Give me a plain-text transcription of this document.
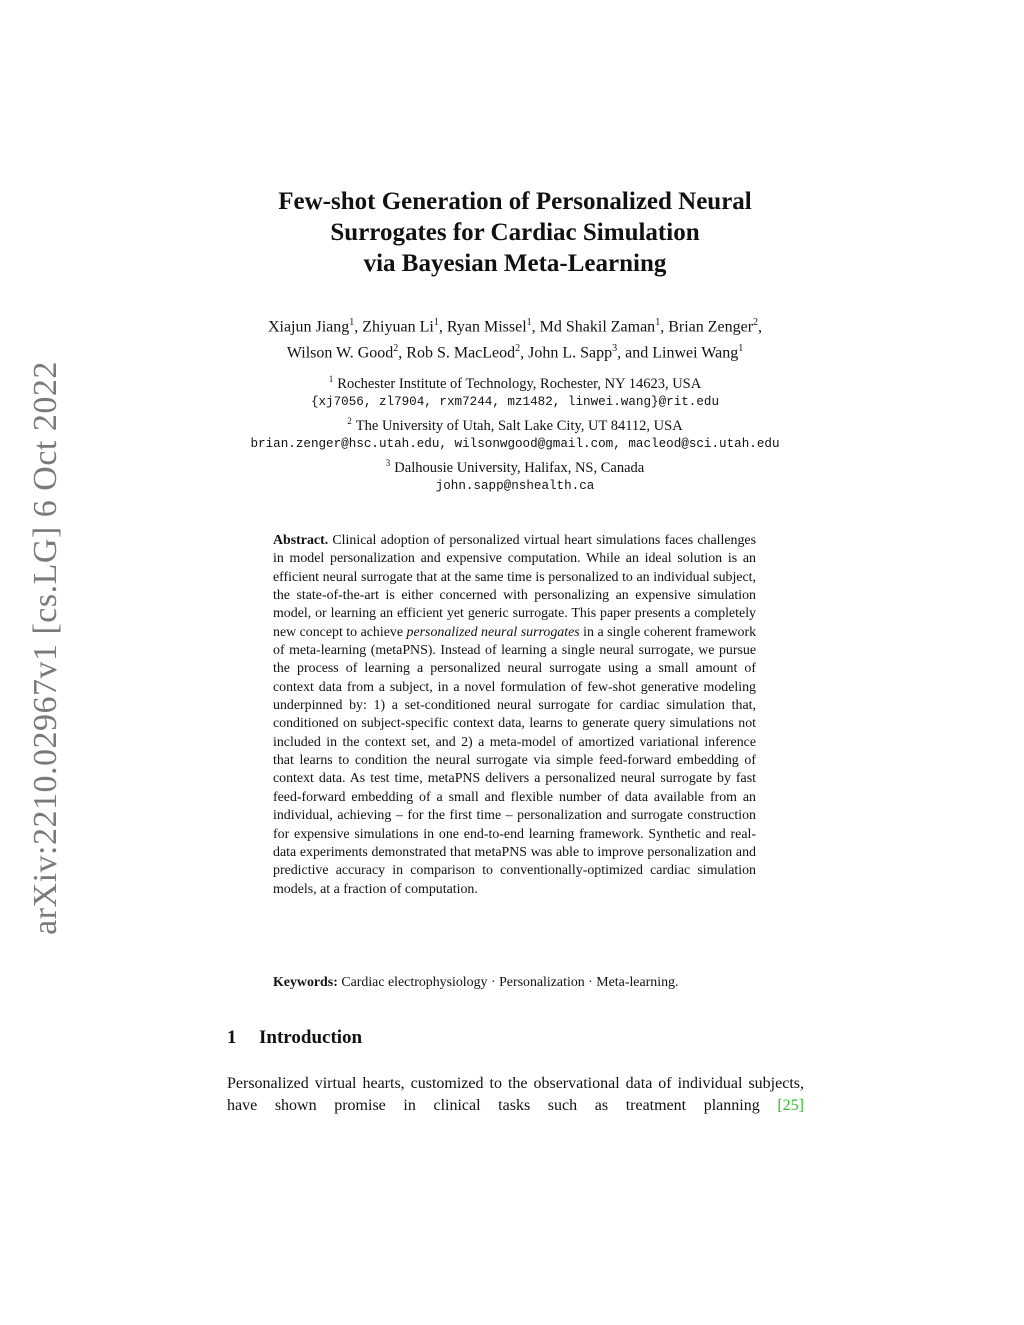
arXiv:2210.02967v1 [cs.LG] 6 Oct 2022
Few-shot Generation of Personalized Neural
Surrogates for Cardiac Simulation
via Bayesian Meta-Learning
Xiajun Jiang$^1$, Zhiyuan Li$^1$, Ryan Missel$^1$, Md Shakil Zaman$^1$, Brian Zenger$^2$,
Wilson W. Good$^2$, Rob S. MacLeod$^2$, John L. Sapp$^3$, and Linwei Wang$^1$
$^1$ Rochester Institute of Technology, Rochester, NY 14623, USA
{xj7056, zl7904, rxm7244, mz1482, linwei.wang}@rit.edu
$^2$ The University of Utah, Salt Lake City, UT 84112, USA
brian.zenger@hsc.utah.edu, wilsonwgood@gmail.com, macleod@sci.utah.edu
$^3$ Dalhousie University, Halifax, NS, Canada
john.sapp@nshealth.ca
Abstract. Clinical adoption of personalized virtual heart simulations faces challenges in model personalization and expensive computation. While an ideal solution is an efficient neural surrogate that at the same time is personalized to an individual subject, the state-of-the-art is either concerned with personalizing an expensive simulation model, or learning an efficient yet generic surrogate. This paper presents a completely new concept to achieve personalized neural surrogates in a single coherent framework of meta-learning (metaPNS). Instead of learning a single neural surrogate, we pursue the process of learning a personalized neural surrogate using a small amount of context data from a subject, in a novel formulation of few-shot generative modeling underpinned by: 1) a set-conditioned neural surrogate for cardiac simulation that, conditioned on subject-specific context data, learns to generate query simulations not included in the context set, and 2) a meta-model of amortized variational inference that learns to condition the neural surrogate via simple feed-forward embedding of context data. As test time, metaPNS delivers a personalized neural surrogate by fast feed-forward embedding of a small and flexible number of data available from an individual, achieving – for the first time – personalization and surrogate construction for expensive simulations in one end-to-end learning framework. Synthetic and real-data experiments demonstrated that metaPNS was able to improve personalization and predictive accuracy in comparison to conventionally-optimized cardiac simulation models, at a fraction of computation.
Keywords: Cardiac electrophysiology · Personalization · Meta-learning.
1 Introduction
Personalized virtual hearts, customized to the observational data of individual subjects, have shown promise in clinical tasks such as treatment planning [25]
